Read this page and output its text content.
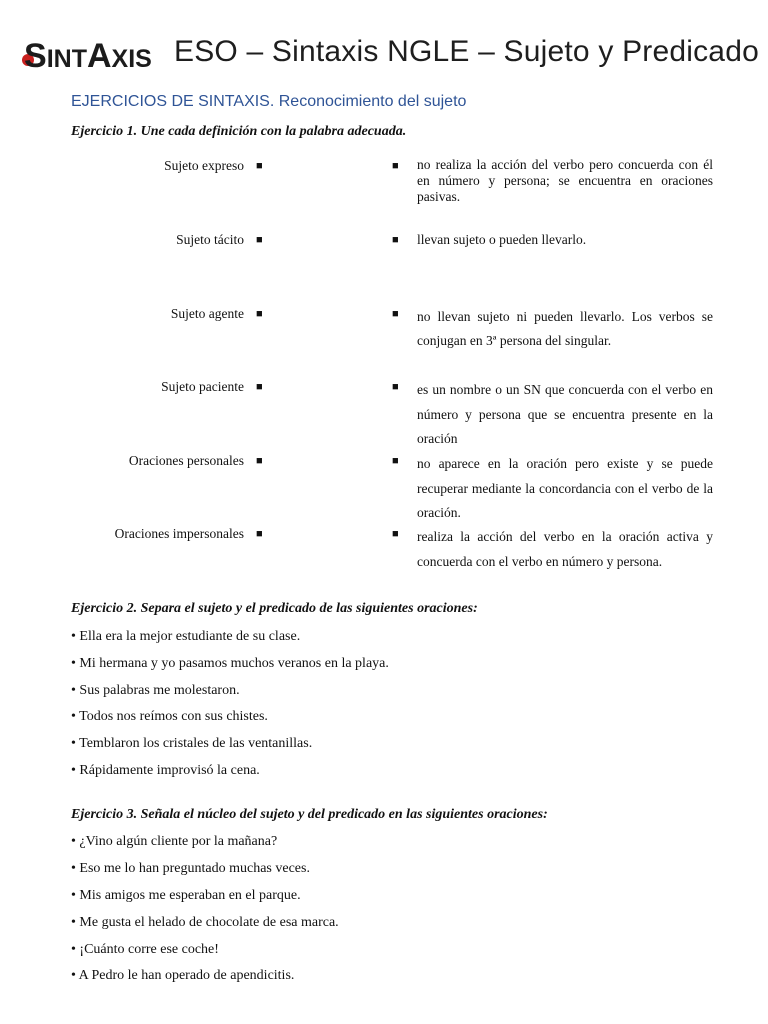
SINTAXIS ESO – Sintaxis NGLE – Sujeto y Predicado
EJERCICIOS DE SINTAXIS. Reconocimiento del sujeto
Ejercicio 1. Une cada definición con la palabra adecuada.
Sujeto expreso
Sujeto tácito
Sujeto agente
Sujeto paciente
Oraciones personales
Oraciones impersonales
■
■
■
■
■
■
■
■
■
■
■
■
no realiza la acción del verbo pero concuerda con él en número y persona; se encuentra en oraciones pasivas.
llevan sujeto o pueden llevarlo.
no llevan sujeto ni pueden llevarlo. Los verbos se conjugan en 3ª persona del singular.
es un nombre o un SN que concuerda con el verbo en número y persona que se encuentra presente en la oración
no aparece en la oración pero existe y se puede recuperar mediante la concordancia con el verbo de la oración.
realiza la acción del verbo en la oración activa y concuerda con el verbo en número y persona.
Ejercicio 2. Separa el sujeto y el predicado de las siguientes oraciones:
• Ella era la mejor estudiante de su clase.
• Mi hermana y yo pasamos muchos veranos en la playa.
• Sus palabras me molestaron.
• Todos nos reímos con sus chistes.
• Temblaron los cristales de las ventanillas.
• Rápidamente improvisó la cena.
Ejercicio 3. Señala el núcleo del sujeto y del predicado en las siguientes oraciones:
• ¿Vino algún cliente por la mañana?
• Eso me lo han preguntado muchas veces.
• Mis amigos me esperaban en el parque.
• Me gusta el helado de chocolate de esa marca.
• ¡Cuánto corre ese coche!
• A Pedro le han operado de apendicitis.
